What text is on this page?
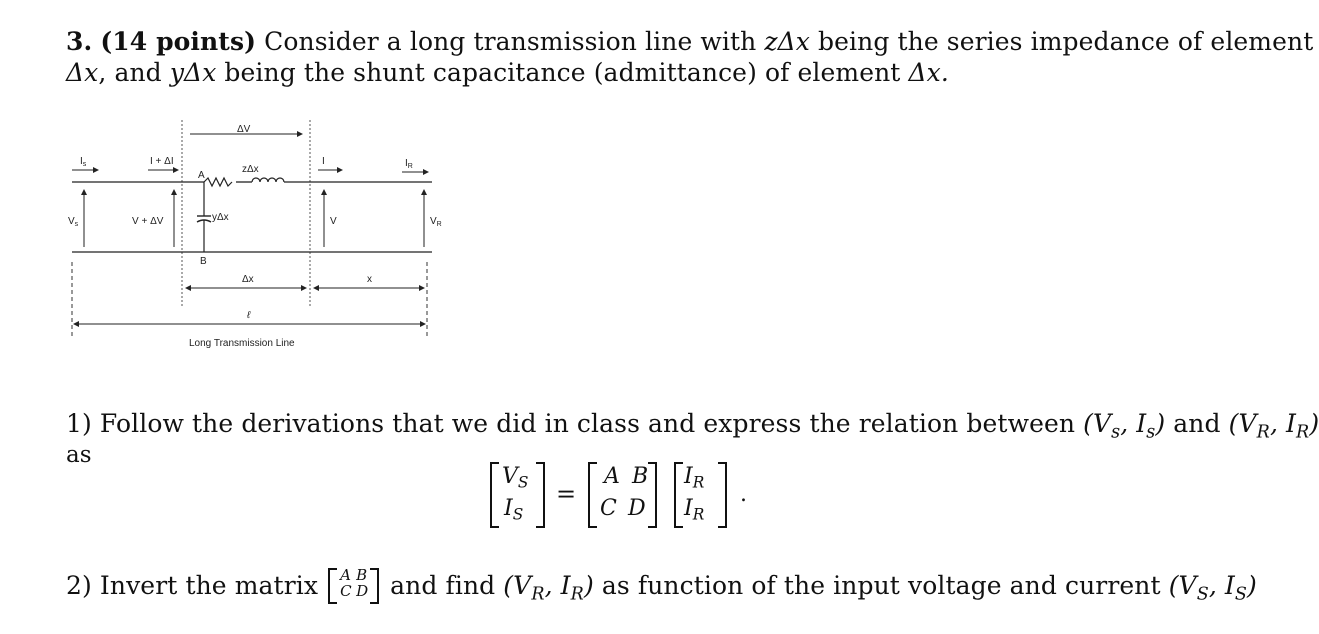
3. (14 points) Consider a long transmission line with zΔx being the series impedance of element
Δx, and yΔx being the shunt capacitance (admittance) of element Δx.
$I_s$	I + ΔI
ΔV
zΔx
I	$I_R$
A
$V_s$	V + ΔV	yΔx	V	$V_R$
B
Δx	x
ℓ
Long Transmission Line
1) Follow the derivations that we did in class and express the relation between ($V_s$, $I_s$) and ($V_R$, $I_R$)
as
$V_S$
$I_S$
=
A B
C D
$I_R$
$I_R$
.
2) Invert the matrix A B
C D and find ($V_R$, $I_R$) as function of the input voltage and current ($V_S$, $I_S$)
